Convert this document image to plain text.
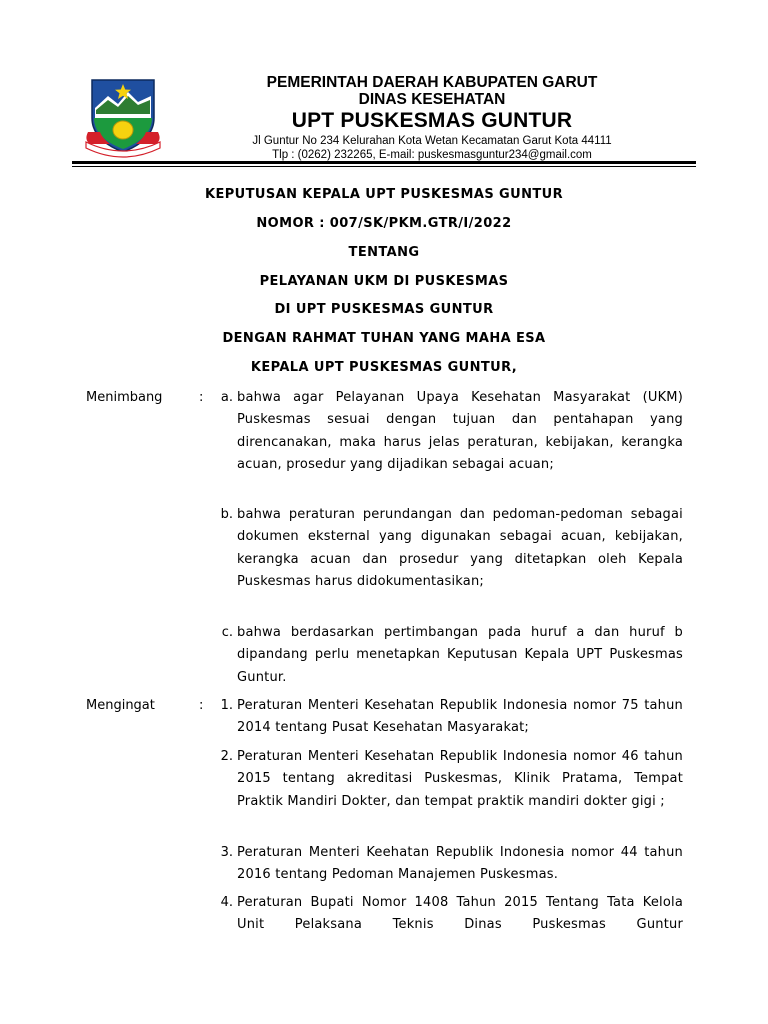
PEMERINTAH DAERAH KABUPATEN GARUT
DINAS KESEHATAN
UPT PUSKESMAS GUNTUR
Jl Guntur No 234 Kelurahan Kota Wetan Kecamatan Garut Kota 44111
Tlp : (0262) 232265, E-mail: puskesmasguntur234@gmail.com
KEPUTUSAN KEPALA UPT PUSKESMAS GUNTUR
NOMOR : 007/SK/PKM.GTR/I/2022
TENTANG
PELAYANAN UKM DI PUSKESMAS
DI UPT PUSKESMAS GUNTUR
DENGAN RAHMAT TUHAN YANG MAHA ESA
KEPALA UPT PUSKESMAS GUNTUR,
Menimbang	:	a. bahwa agar Pelayanan Upaya Kesehatan Masyarakat (UKM) Puskesmas sesuai dengan tujuan dan pentahapan yang direncanakan, maka harus jelas peraturan, kebijakan, kerangka acuan, prosedur yang dijadikan sebagai acuan;
b. bahwa peraturan perundangan dan pedoman-pedoman sebagai dokumen eksternal yang digunakan sebagai acuan, kebijakan, kerangka acuan dan prosedur yang ditetapkan oleh Kepala Puskesmas harus didokumentasikan;
c. bahwa berdasarkan pertimbangan pada huruf a dan huruf b dipandang perlu menetapkan Keputusan Kepala UPT Puskesmas Guntur.
Mengingat	:	1. Peraturan Menteri Kesehatan Republik Indonesia nomor 75 tahun 2014 tentang Pusat Kesehatan Masyarakat;
2. Peraturan Menteri Kesehatan Republik Indonesia nomor 46 tahun 2015 tentang akreditasi Puskesmas, Klinik Pratama, Tempat Praktik Mandiri Dokter, dan tempat praktik mandiri dokter gigi ;
3. Peraturan Menteri Keehatan Republik Indonesia nomor 44 tahun 2016 tentang Pedoman Manajemen Puskesmas.
4. Peraturan Bupati Nomor 1408 Tahun 2015 Tentang Tata Kelola Unit Pelaksana Teknis Dinas Puskesmas Guntur
